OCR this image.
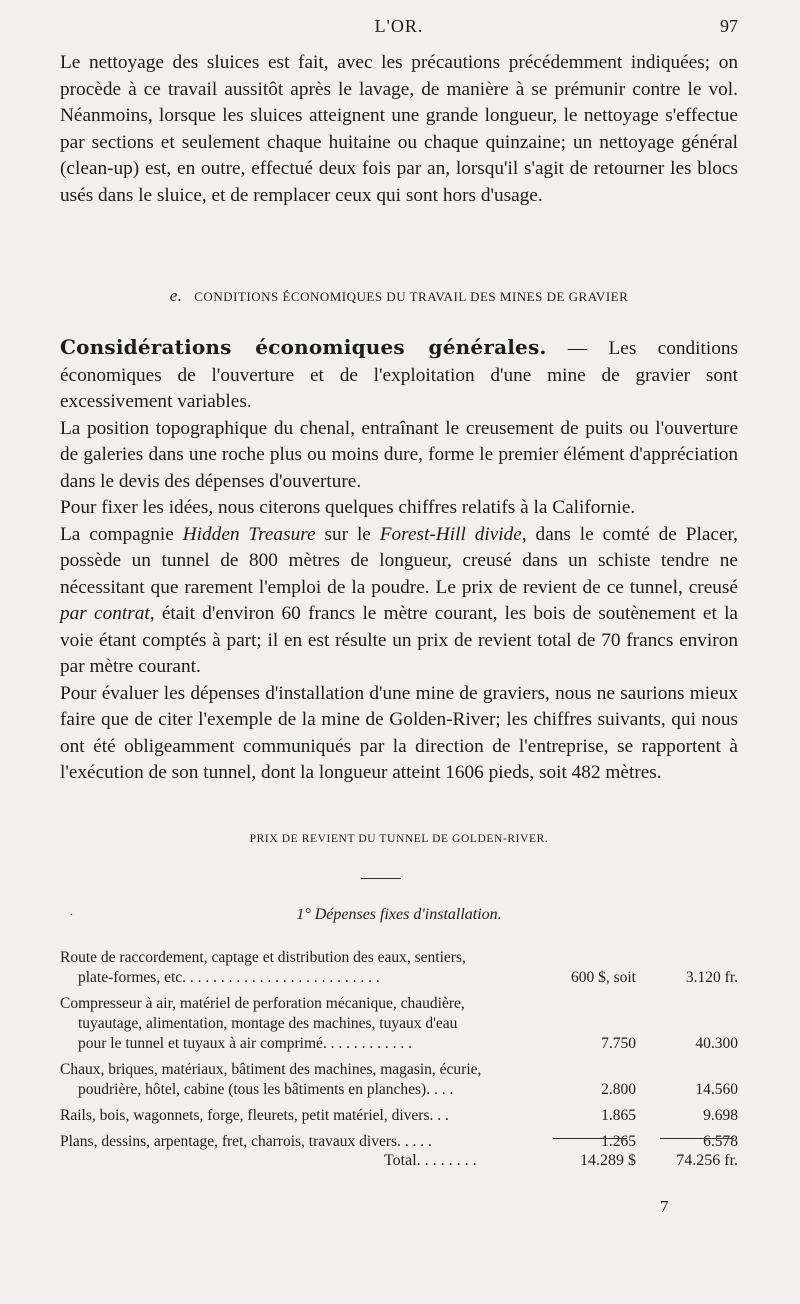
L'OR.	97

Le nettoyage des sluices est fait, avec les précautions précédemment indiquées; on procède à ce travail aussitôt après le lavage, de manière à se prémunir contre le vol. Néanmoins, lorsque les sluices atteignent une grande longueur, le nettoyage s'effectue par sections et seulement chaque huitaine ou chaque quinzaine; un nettoyage général (clean-up) est, en outre, effectué deux fois par an, lorsqu'il s'agit de retourner les blocs usés dans le sluice, et de remplacer ceux qui sont hors d'usage.

e. CONDITIONS ÉCONOMIQUES DU TRAVAIL DES MINES DE GRAVIER

Considérations économiques générales. — Les conditions économiques de l'ouverture et de l'exploitation d'une mine de gravier sont excessivement variables.

La position topographique du chenal, entraînant le creusement de puits ou l'ouverture de galeries dans une roche plus ou moins dure, forme le premier élément d'appréciation dans le devis des dépenses d'ouverture.

Pour fixer les idées, nous citerons quelques chiffres relatifs à la Californie.

La compagnie Hidden Treasure sur le Forest-Hill divide, dans le comté de Placer, possède un tunnel de 800 mètres de longueur, creusé dans un schiste tendre ne nécessitant que rarement l'emploi de la poudre. Le prix de revient de ce tunnel, creusé par contrat, était d'environ 60 francs le mètre courant, les bois de soutènement et la voie étant comptés à part; il en est résulte un prix de revient total de 70 francs environ par mètre courant.

Pour évaluer les dépenses d'installation d'une mine de graviers, nous ne saurions mieux faire que de citer l'exemple de la mine de Golden-River; les chiffres suivants, qui nous ont été obligeamment communiqués par la direction de l'entreprise, se rapportent à l'exécution de son tunnel, dont la longueur atteint 1606 pieds, soit 482 mètres.

PRIX DE REVIENT DU TUNNEL DE GOLDEN-RIVER.
·	1° Dépenses fixes d'installation.
Route de raccordement, captage et distribution des eaux, sentiers,
plate-formes, etc. . . . . . . . . . . . . . . . . . . . . . . . . .	600 $, soit	3.120 fr.
Compresseur à air, matériel de perforation mécanique, chaudière,
tuyautage, alimentation, montage des machines, tuyaux d'eau
pour le tunnel et tuyaux à air comprimé. . . . . . . . . . . .	7.750	40.300
Chaux, briques, matériaux, bâtiment des machines, magasin, écurie,
poudrière, hôtel, cabine (tous les bâtiments en planches). . . .	2.800	14.560
Rails, bois, wagonnets, forge, fleurets, petit matériel, divers. . .	1.865	9.698
Plans, dessins, arpentage, fret, charrois, travaux divers. . . . .	1.265	6.578
Total. . . . . . . .	14.289 $	74.256 fr.
7
